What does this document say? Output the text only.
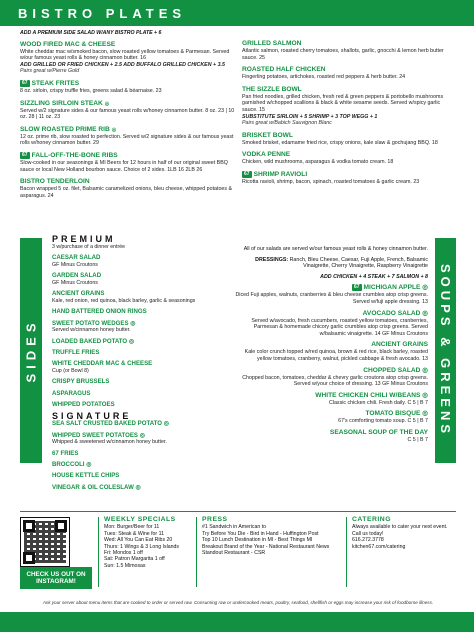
BISTRO PLATES
ADD A PREMIUM SIDE SALAD W/ANY BISTRO PLATE + 6
WOOD FIRED MAC & CHEESE
White cheddar mac w/smoked bacon, slow roasted yellow tomatoes & Parmesan. Served w/our famous yeast rolls & honey cinnamon butter. 16
ADD GRILLED OR FRIED CHICKEN + 2.5 ADD BUFFALO GRILLED CHICKEN + 3.5
Pairs great w/Pierre Gold
67 STEAK FRITES
8 oz. sirloin, crispy truffle fries, greens salad & béarnaise. 23
SIZZLING SIRLOIN STEAK ◎
Served w/2 signature sides & our famous yeast rolls w/honey cinnamon butter. 8 oz. 23 | 10 oz. 28 | 11 oz. 23
SLOW ROASTED PRIME RIB ◎
12 oz. prime rib, slow roasted to perfection. Served w/2 signature sides & our famous yeast rolls w/honey cinnamon butter. 29
67 FALL-OFF-THE-BONE RIBS
Slow-cooked in our seasonings & MI Beers for 12 hours in half of our original sweet BBQ sauce or local New Holland bourbon sauce. Choice of 2 sides. 1LB 16 2LB 26
BISTRO TENDERLOIN
Bacon wrapped 5 oz. filet, Balsamic caramelized onions, bleu cheese, whipped potatoes & asparagus. 24
GRILLED SALMON
Atlantic salmon, roasted cherry tomatoes, shallots, garlic, gnocchi & lemon herb butter sauce. 25
ROASTED HALF CHICKEN
Fingerling potatoes, artichokes, roasted red peppers & herb butter. 24
THE SIZZLE BOWL
Pan fried noodles, grilled chicken, fresh red & green peppers & portobello mushrooms garnished w/chopped scallions & black & white sesame seeds. Served w/spicy garlic sauce. 15
SUBSTITUTE SIRLOIN + 5 SHRIMP + 3 TOP WEGG + 1
Pairs great w/Babich Sauvignon Blanc
BRISKET BOWL
Smoked brisket, edamame fried rice, crispy onions, kale slaw & gochujang BBQ. 18
VODKA PENNE
Chicken, wild mushrooms, asparagus & vodka tomato cream. 18
67 SHRIMP RAVIOLI
Ricotta ravioli, shrimp, bacon, spinach, roasted tomatoes & garlic cream. 23
SIDES
PREMIUM
3 w/purchase of a dinner entrée
CAESAR SALAD
GF Minus Croutons
GARDEN SALAD
GF Minus Croutons
ANCIENT GRAINS
Kale, red onion, red quinoa, black barley, garlic & seasonings
HAND BATTERED ONION RINGS
SWEET POTATO WEDGES ◎
Served w/cinnamon honey butter.
LOADED BAKED POTATO ◎
TRUFFLE FRIES
WHITE CHEDDAR MAC & CHEESE
Cup (or Bowl 8)
CRISPY BRUSSELS
ASPARAGUS
WHIPPED POTATOES
SIGNATURE
SEA SALT CRUSTED BAKED POTATO ◎
WHIPPED SWEET POTATOES ◎
Whipped & sweetened w/cinnamon honey butter.
67 FRIES
BROCCOLI ◎
HOUSE KETTLE CHIPS
VINEGAR & OIL COLESLAW ◎
SOUPS & GREENS
All of our salads are served w/our famous yeast rolls & honey cinnamon butter.
DRESSINGS: Ranch, Bleu Cheese, Caesar, Fuji Apple, French, Balsamic Vinaigrette, Cherry Vinaigrette, Raspberry Vinaigrette
ADD CHICKEN + 4 STEAK + 7 SALMON + 8
67 MICHIGAN APPLE ◎
Diced Fuji apples, walnuts, cranberries & bleu cheese crumbles atop crisp greens. Served w/fuji apple dressing. 13
AVOCADO SALAD ◎
Served w/avocado, fresh cucumbers, roasted yellow tomatoes, cranberries, Parmesan & homemade chicory garlic crumbles atop crisp greens. Served w/balsamic vinaigrette. 14 GF Minus Croutons
ANCIENT GRAINS
Kale color crunch topped w/red quinoa, brown & red rice, black barley, roasted yellow tomatoes, cranberry, walnut, pickled cabbage & fresh avocado. 13
CHOPPED SALAD ◎
Chopped bacon, tomatoes, cheddar & chevry garlic croutons atop crisp greens. Served w/your choice of dressing. 13 GF Minus Croutons
WHITE CHICKEN CHILI W/BEANS ◎
Classic chicken chili. Fresh daily. C 5 | B 7
TOMATO BISQUE ◎
67's comforting tomato soup. C 5 | B 7
SEASONAL SOUP OF THE DAY
C 5 | B 7
CHECK US OUT ON INSTAGRAM!
WEEKLY SPECIALS
Mon: Burger/Beer for 11
Tues: Steak & Wine for 11
Wed: All You Can Eat Ribs 20
Thurs: 1 Wings & 3 Long Islands
Fri: Mondos 1 off
Sat: Patron Margarita 1 off
Sun: 1.5 Mimosas
PRESS
#1 Sandwich in American to
Try Before You Die - Bird in Hand - Huffington Post
Top 10 Lunch Destination in MI - Best Things MI
Breakout Brand of the Year - National Restaurant News
Standout Restaurant - CSR
CATERING
Always available to cater your next event.
Call us today!
616.272.3778
kitchen67.com/catering
Ask your server about menu items that are cooked to order or served raw. Consuming raw or undercooked meats, poultry, seafood, shellfish or eggs may increase your risk of foodborne illness.
